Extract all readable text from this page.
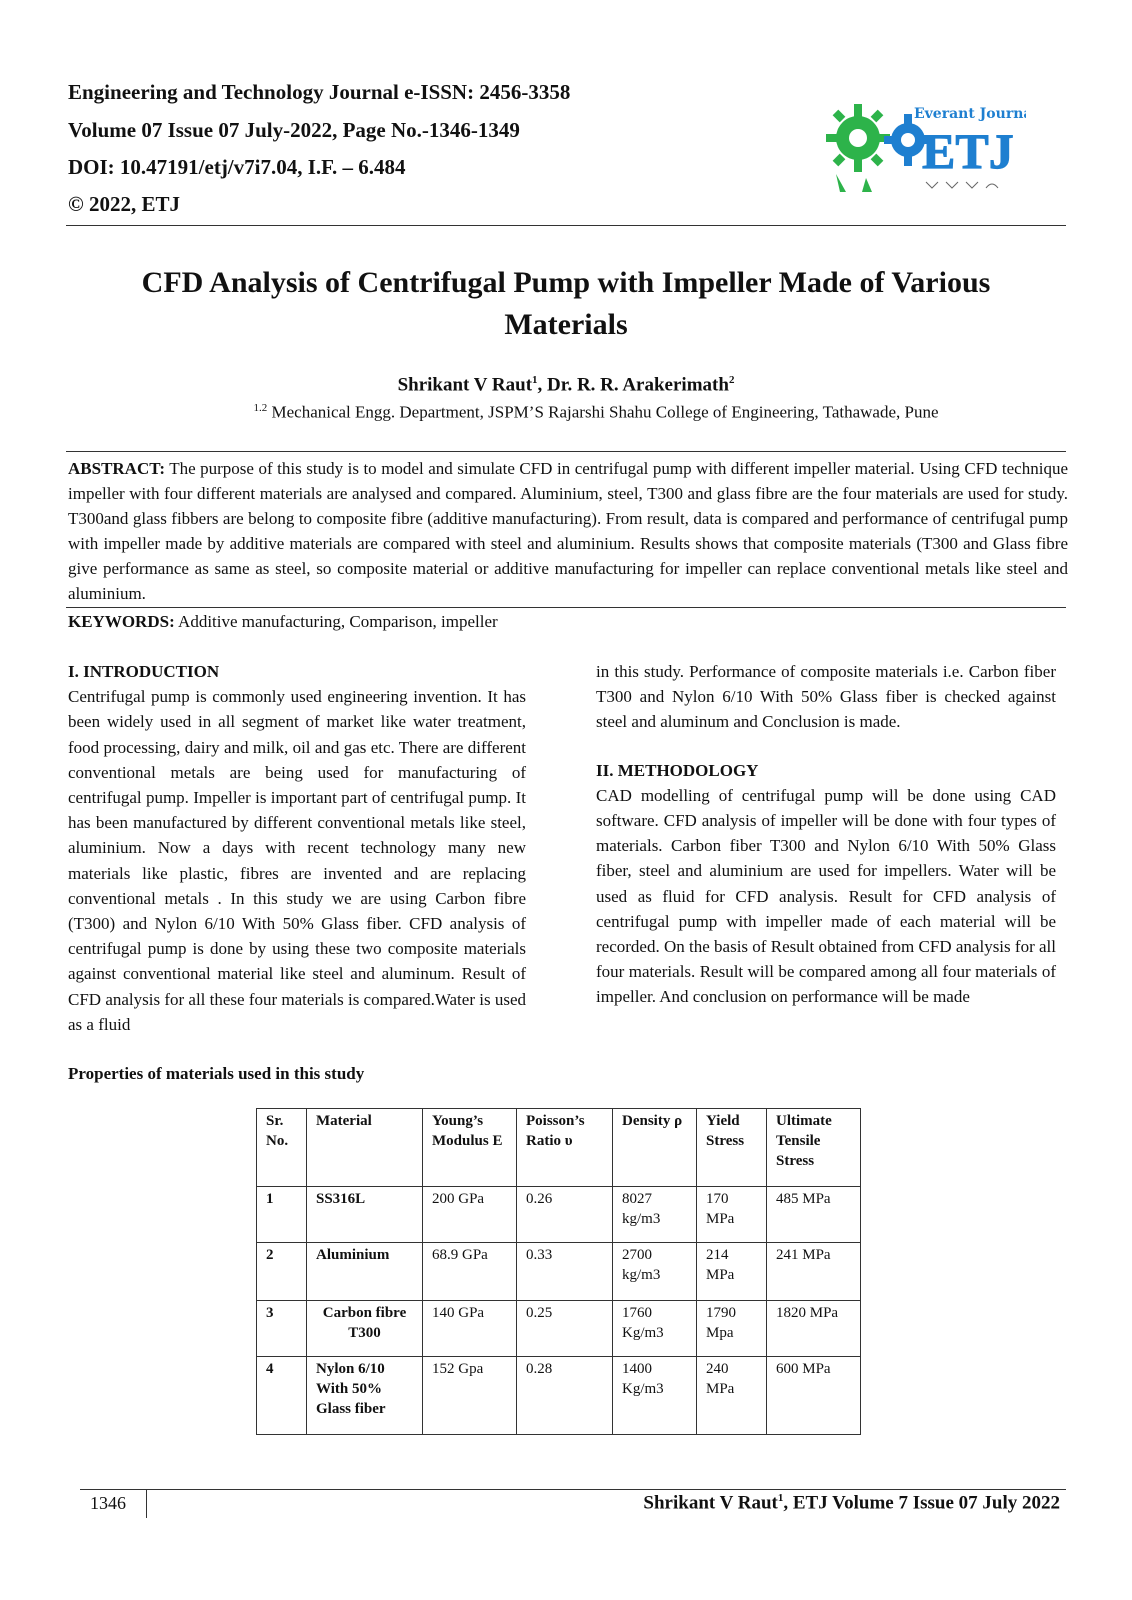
Engineering and Technology Journal e-ISSN: 2456-3358
Volume 07 Issue 07 July-2022, Page No.-1346-1349
DOI: 10.47191/etj/v7i7.04, I.F. – 6.484
© 2022, ETJ
Everant Journal
ETJ
CFD Analysis of Centrifugal Pump with Impeller Made of Various
Materials
Shrikant V Raut$^1$, Dr. R. R. Arakerimath$^2$
$^{1.2}$ Mechanical Engg. Department, JSPM’S Rajarshi Shahu College of Engineering, Tathawade, Pune
ABSTRACT: The purpose of this study is to model and simulate CFD in centrifugal pump with different impeller material. Using CFD technique impeller with four different materials are analysed and compared. Aluminium, steel, T300 and glass fibre are the four materials are used for study. T300and glass fibbers are belong to composite fibre (additive manufacturing). From result, data is compared and performance of centrifugal pump with impeller made by additive materials are compared with steel and aluminium. Results shows that composite materials (T300 and Glass fibre give performance as same as steel, so composite material or additive manufacturing for impeller can replace conventional metals like steel and aluminium.
KEYWORDS: Additive manufacturing, Comparison, impeller

I. INTRODUCTION

Centrifugal pump is commonly used engineering invention. It has been widely used in all segment of market like water treatment, food processing, dairy and milk, oil and gas etc. There are different conventional metals are being used for manufacturing of centrifugal pump. Impeller is important part of centrifugal pump. It has been manufactured by different conventional metals like steel, aluminium. Now a days with recent technology many new materials like plastic, fibres are invented and are replacing conventional metals . In this study we are using Carbon fibre (T300) and Nylon 6/10 With 50% Glass fiber. CFD analysis of centrifugal pump is done by using these two composite materials against conventional material like steel and aluminum. Result of CFD analysis for all these four materials is compared.Water is used as a fluid

in this study. Performance of composite materials i.e. Carbon fiber T300 and Nylon 6/10 With 50% Glass fiber is checked against steel and aluminum and Conclusion is made.

II. METHODOLOGY

CAD modelling of centrifugal pump will be done using CAD software. CFD analysis of impeller will be done with four types of materials. Carbon fiber T300 and Nylon 6/10 With 50% Glass fiber, steel and aluminium are used for impellers. Water will be used as fluid for CFD analysis. Result for CFD analysis of centrifugal pump with impeller made of each material will be recorded. On the basis of Result obtained from CFD analysis for all four materials. Result will be compared among all four materials of impeller. And conclusion on performance will be made

Properties of materials used in this study
Sr. No.	Material	Young’s Modulus E	Poisson’s Ratio υ	Density ρ	Yield Stress	Ultimate Tensile Stress
1	SS316L	200 GPa	0.26	8027 kg/m3	170 MPa	485 MPa
2	Aluminium	68.9 GPa	0.33	2700 kg/m3	214 MPa	241 MPa
3	Carbon fibre T300	140 GPa	0.25	1760 Kg/m3	1790 Mpa	1820 MPa
4	Nylon 6/10 With 50% Glass fiber	152 Gpa	0.28	1400 Kg/m3	240 MPa	600 MPa
1346	Shrikant V Raut$^1$, ETJ Volume 7 Issue 07 July 2022
